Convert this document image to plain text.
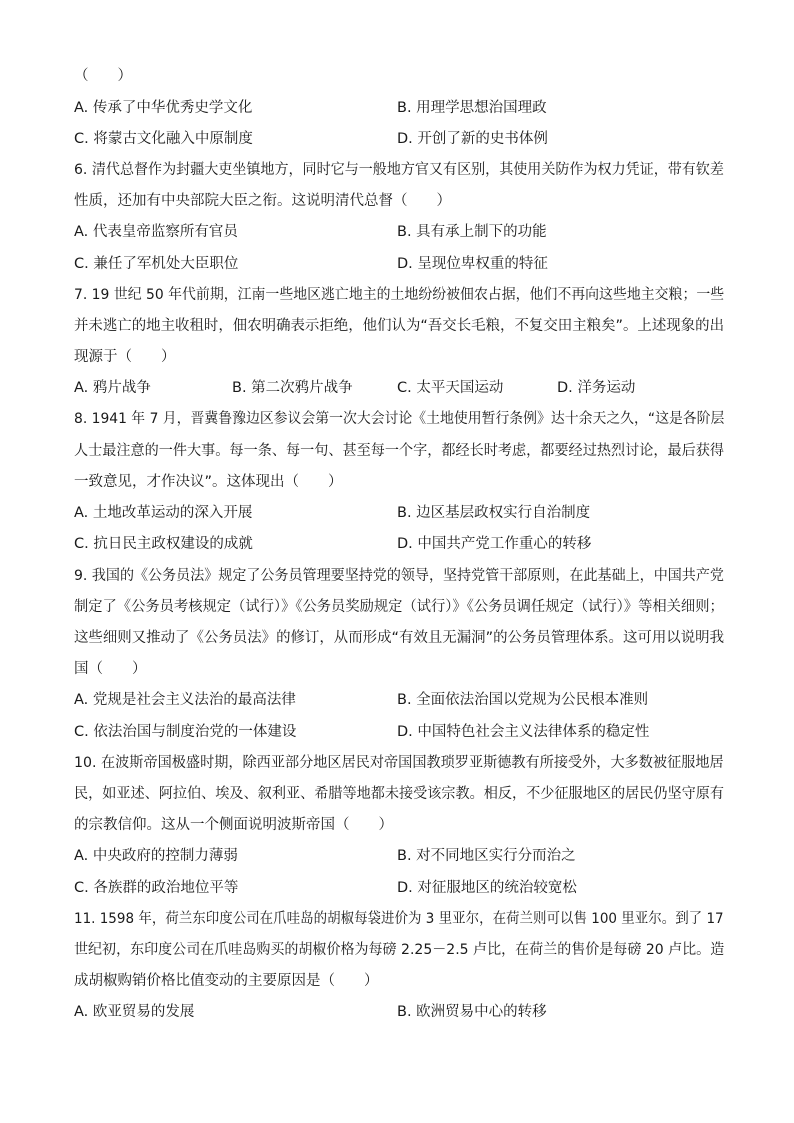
（　　）
A. 传承了中华优秀史学文化	B. 用理学思想治国理政
C. 将蒙古文化融入中原制度	D. 开创了新的史书体例
6. 清代总督作为封疆大吏坐镇地方，同时它与一般地方官又有区别，其使用关防作为权力凭证，带有钦差
性质，还加有中央部院大臣之衔。这说明清代总督（　　）
A. 代表皇帝监察所有官员	B. 具有承上制下的功能
C. 兼任了军机处大臣职位	D. 呈现位卑权重的特征
7. 19 世纪 50 年代前期，江南一些地区逃亡地主的土地纷纷被佃农占据，他们不再向这些地主交粮；一些
并未逃亡的地主收租时，佃农明确表示拒绝，他们认为“吾交长毛粮，不复交田主粮矣”。上述现象的出
现源于（　　）
A. 鸦片战争	B. 第二次鸦片战争	C. 太平天国运动	D. 洋务运动
8. 1941 年 7 月，晋冀鲁豫边区参议会第一次大会讨论《土地使用暂行条例》达十余天之久，“这是各阶层
人士最注意的一件大事。每一条、每一句、甚至每一个字，都经长时考虑，都要经过热烈讨论，最后获得
一致意见，才作决议”。这体现出（　　）
A. 土地改革运动的深入开展	B. 边区基层政权实行自治制度
C. 抗日民主政权建设的成就	D. 中国共产党工作重心的转移
9. 我国的《公务员法》规定了公务员管理要坚持党的领导，坚持党管干部原则，在此基础上，中国共产党
制定了《公务员考核规定（试行）》《公务员奖励规定（试行）》《公务员调任规定（试行）》等相关细则；
这些细则又推动了《公务员法》的修订，从而形成“有效且无漏洞”的公务员管理体系。这可用以说明我
国（　　）
A. 党规是社会主义法治的最高法律	B. 全面依法治国以党规为公民根本准则
C. 依法治国与制度治党的一体建设	D. 中国特色社会主义法律体系的稳定性
10. 在波斯帝国极盛时期，除西亚部分地区居民对帝国国教琐罗亚斯德教有所接受外，大多数被征服地居
民，如亚述、阿拉伯、埃及、叙利亚、希腊等地都未接受该宗教。相反，不少征服地区的居民仍坚守原有
的宗教信仰。这从一个侧面说明波斯帝国（　　）
A. 中央政府的控制力薄弱	B. 对不同地区实行分而治之
C. 各族群的政治地位平等	D. 对征服地区的统治较宽松
11. 1598 年，荷兰东印度公司在爪哇岛的胡椒每袋进价为 3 里亚尔，在荷兰则可以售 100 里亚尔。到了 17
世纪初，东印度公司在爪哇岛购买的胡椒价格为每磅 2.25－2.5 卢比，在荷兰的售价是每磅 20 卢比。造
成胡椒购销价格比值变动的主要原因是（　　）
A. 欧亚贸易的发展	B. 欧洲贸易中心的转移
